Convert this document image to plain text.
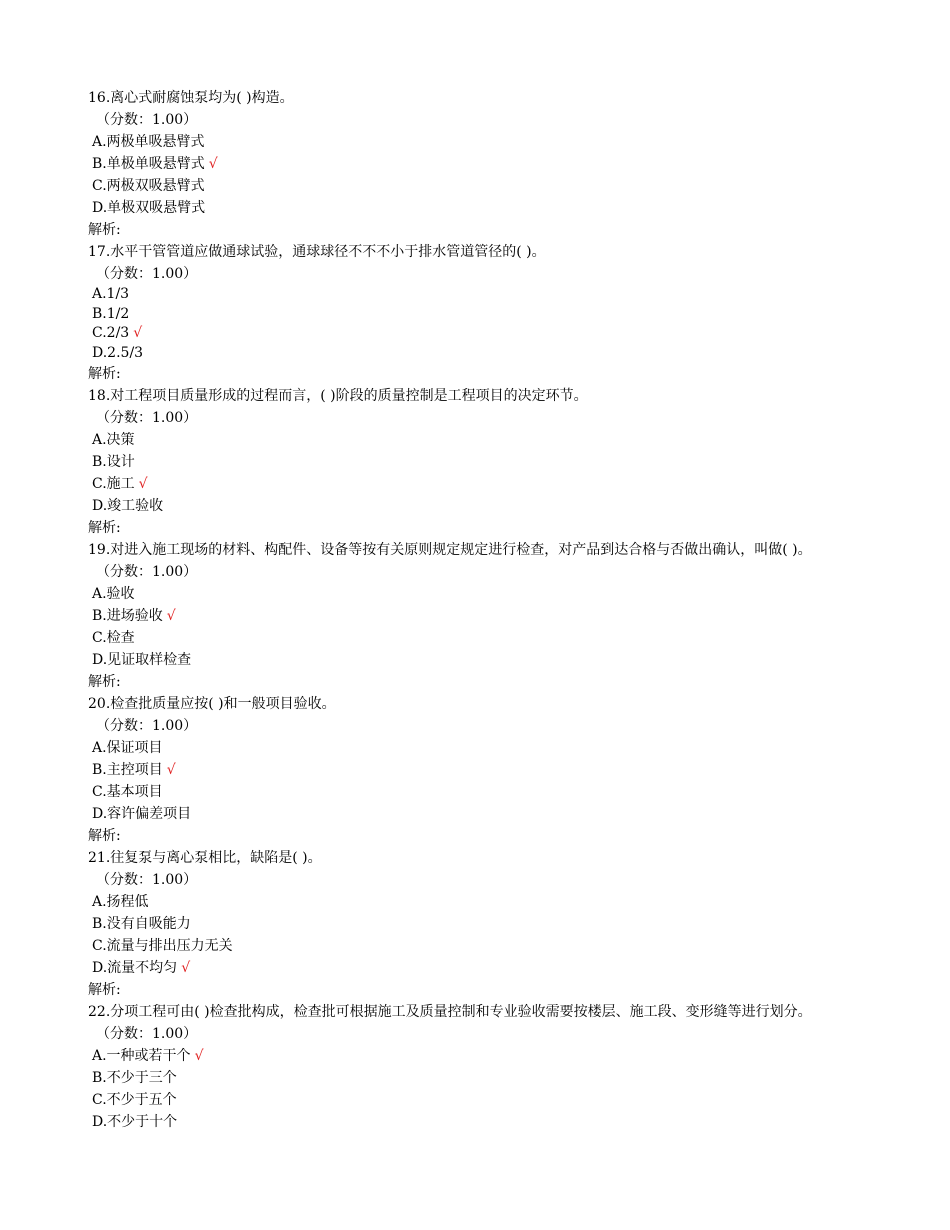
16.离心式耐腐蚀泵均为( )构造。
（分数：1.00）
A.两极单吸悬臂式
B.单极单吸悬臂式 √
C.两极双吸悬臂式
D.单极双吸悬臂式
解析:
17.水平干管管道应做通球试验，通球球径不不不小于排水管道管径的( )。
（分数：1.00）
A.1/3
B.1/2
C.2/3 √
D.2.5/3
解析:
18.对工程项目质量形成的过程而言，( )阶段的质量控制是工程项目的决定环节。
（分数：1.00）
A.决策
B.设计
C.施工 √
D.竣工验收
解析:
19.对进入施工现场的材料、构配件、设备等按有关原则规定规定进行检查，对产品到达合格与否做出确认，叫做( )。
（分数：1.00）
A.验收
B.进场验收 √
C.检查
D.见证取样检查
解析:
20.检查批质量应按( )和一般项目验收。
（分数：1.00）
A.保证项目
B.主控项目 √
C.基本项目
D.容许偏差项目
解析:
21.往复泵与离心泵相比，缺陷是( )。
（分数：1.00）
A.扬程低
B.没有自吸能力
C.流量与排出压力无关
D.流量不均匀 √
解析:
22.分项工程可由( )检查批构成，检查批可根据施工及质量控制和专业验收需要按楼层、施工段、变形缝等进行划分。
（分数：1.00）
A.一种或若干个 √
B.不少于三个
C.不少于五个
D.不少于十个
